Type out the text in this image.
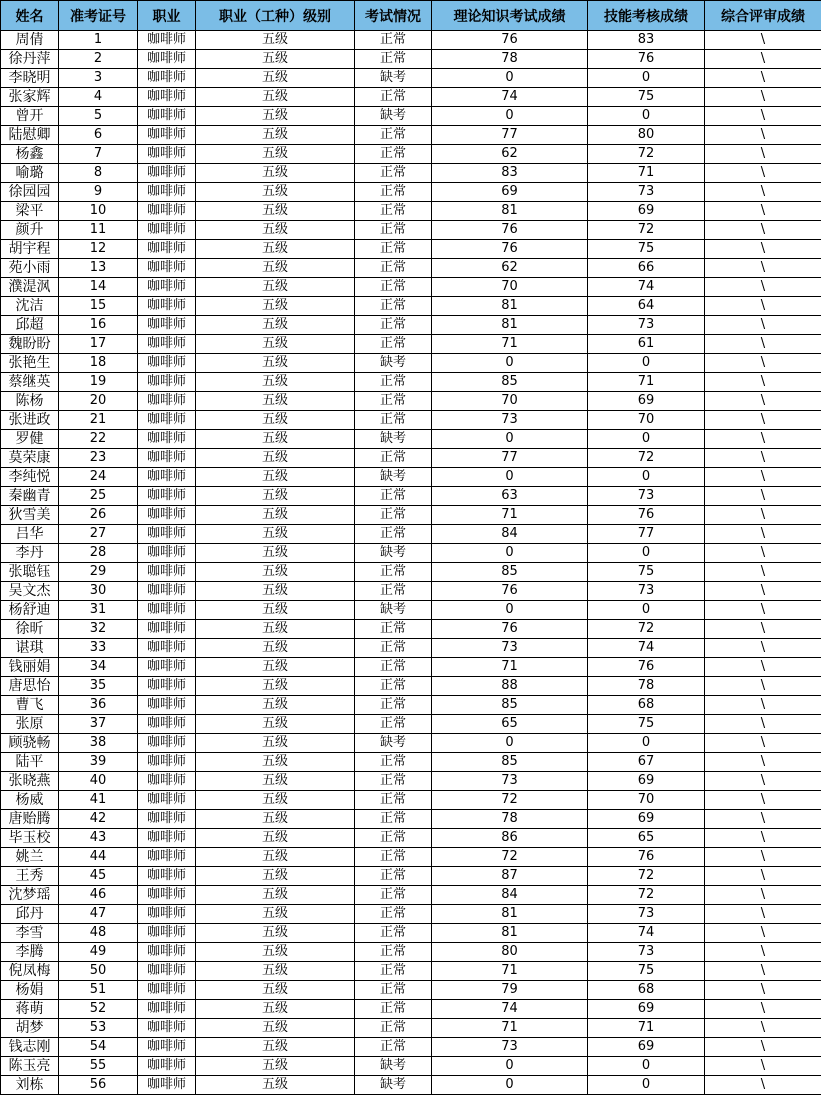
姓名	准考证号	职业	职业（工种）级别	考试情况	理论知识考试成绩	技能考核成绩	综合评审成绩
周倩	1	咖啡师	五级	正常	76	83	\
徐丹萍	2	咖啡师	五级	正常	78	76	\
李晓明	3	咖啡师	五级	缺考	0	0	\
张家辉	4	咖啡师	五级	正常	74	75	\
曾开	5	咖啡师	五级	缺考	0	0	\
陆慰卿	6	咖啡师	五级	正常	77	80	\
杨鑫	7	咖啡师	五级	正常	62	72	\
喻璐	8	咖啡师	五级	正常	83	71	\
徐园园	9	咖啡师	五级	正常	69	73	\
梁平	10	咖啡师	五级	正常	81	69	\
颜升	11	咖啡师	五级	正常	76	72	\
胡宇程	12	咖啡师	五级	正常	76	75	\
苑小雨	13	咖啡师	五级	正常	62	66	\
濮湜沨	14	咖啡师	五级	正常	70	74	\
沈洁	15	咖啡师	五级	正常	81	64	\
邱超	16	咖啡师	五级	正常	81	73	\
魏盼盼	17	咖啡师	五级	正常	71	61	\
张艳生	18	咖啡师	五级	缺考	0	0	\
蔡继英	19	咖啡师	五级	正常	85	71	\
陈杨	20	咖啡师	五级	正常	70	69	\
张进政	21	咖啡师	五级	正常	73	70	\
罗健	22	咖啡师	五级	缺考	0	0	\
莫荣康	23	咖啡师	五级	正常	77	72	\
李纯悦	24	咖啡师	五级	缺考	0	0	\
秦幽青	25	咖啡师	五级	正常	63	73	\
狄雪美	26	咖啡师	五级	正常	71	76	\
吕华	27	咖啡师	五级	正常	84	77	\
李丹	28	咖啡师	五级	缺考	0	0	\
张聪钰	29	咖啡师	五级	正常	85	75	\
吴文杰	30	咖啡师	五级	正常	76	73	\
杨舒迪	31	咖啡师	五级	缺考	0	0	\
徐昕	32	咖啡师	五级	正常	76	72	\
谌琪	33	咖啡师	五级	正常	73	74	\
钱丽娟	34	咖啡师	五级	正常	71	76	\
唐思怡	35	咖啡师	五级	正常	88	78	\
曹飞	36	咖啡师	五级	正常	85	68	\
张原	37	咖啡师	五级	正常	65	75	\
顾骁畅	38	咖啡师	五级	缺考	0	0	\
陆平	39	咖啡师	五级	正常	85	67	\
张晓燕	40	咖啡师	五级	正常	73	69	\
杨威	41	咖啡师	五级	正常	72	70	\
唐贻腾	42	咖啡师	五级	正常	78	69	\
毕玉校	43	咖啡师	五级	正常	86	65	\
姚兰	44	咖啡师	五级	正常	72	76	\
王秀	45	咖啡师	五级	正常	87	72	\
沈梦瑶	46	咖啡师	五级	正常	84	72	\
邱丹	47	咖啡师	五级	正常	81	73	\
李雪	48	咖啡师	五级	正常	81	74	\
李腾	49	咖啡师	五级	正常	80	73	\
倪凤梅	50	咖啡师	五级	正常	71	75	\
杨娟	51	咖啡师	五级	正常	79	68	\
蒋萌	52	咖啡师	五级	正常	74	69	\
胡梦	53	咖啡师	五级	正常	71	71	\
钱志刚	54	咖啡师	五级	正常	73	69	\
陈玉亮	55	咖啡师	五级	缺考	0	0	\
刘栋	56	咖啡师	五级	缺考	0	0	\
